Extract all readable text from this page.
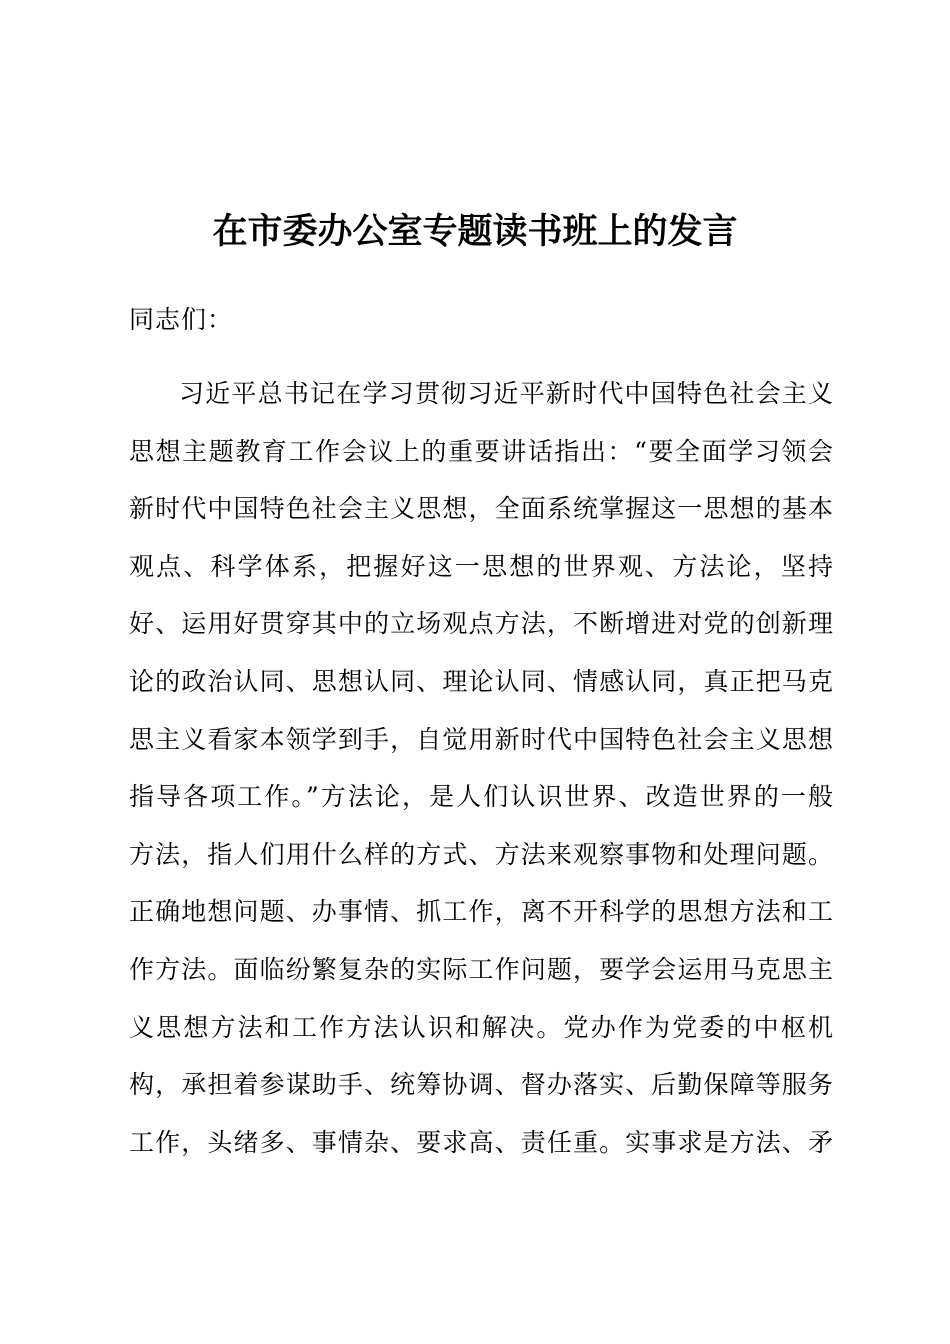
在市委办公室专题读书班上的发言

同志们：

习近平总书记在学习贯彻习近平新时代中国特色社会主义
思想主题教育工作会议上的重要讲话指出：“要全面学习领会
新时代中国特色社会主义思想，全面系统掌握这一思想的基本
观点、科学体系，把握好这一思想的世界观、方法论，坚持
好、运用好贯穿其中的立场观点方法，不断增进对党的创新理
论的政治认同、思想认同、理论认同、情感认同，真正把马克
思主义看家本领学到手，自觉用新时代中国特色社会主义思想
指导各项工作。”方法论，是人们认识世界、改造世界的一般
方法，指人们用什么样的方式、方法来观察事物和处理问题。
正确地想问题、办事情、抓工作，离不开科学的思想方法和工
作方法。面临纷繁复杂的实际工作问题，要学会运用马克思主
义思想方法和工作方法认识和解决。党办作为党委的中枢机
构，承担着参谋助手、统筹协调、督办落实、后勤保障等服务
工作，头绪多、事情杂、要求高、责任重。实事求是方法、矛
